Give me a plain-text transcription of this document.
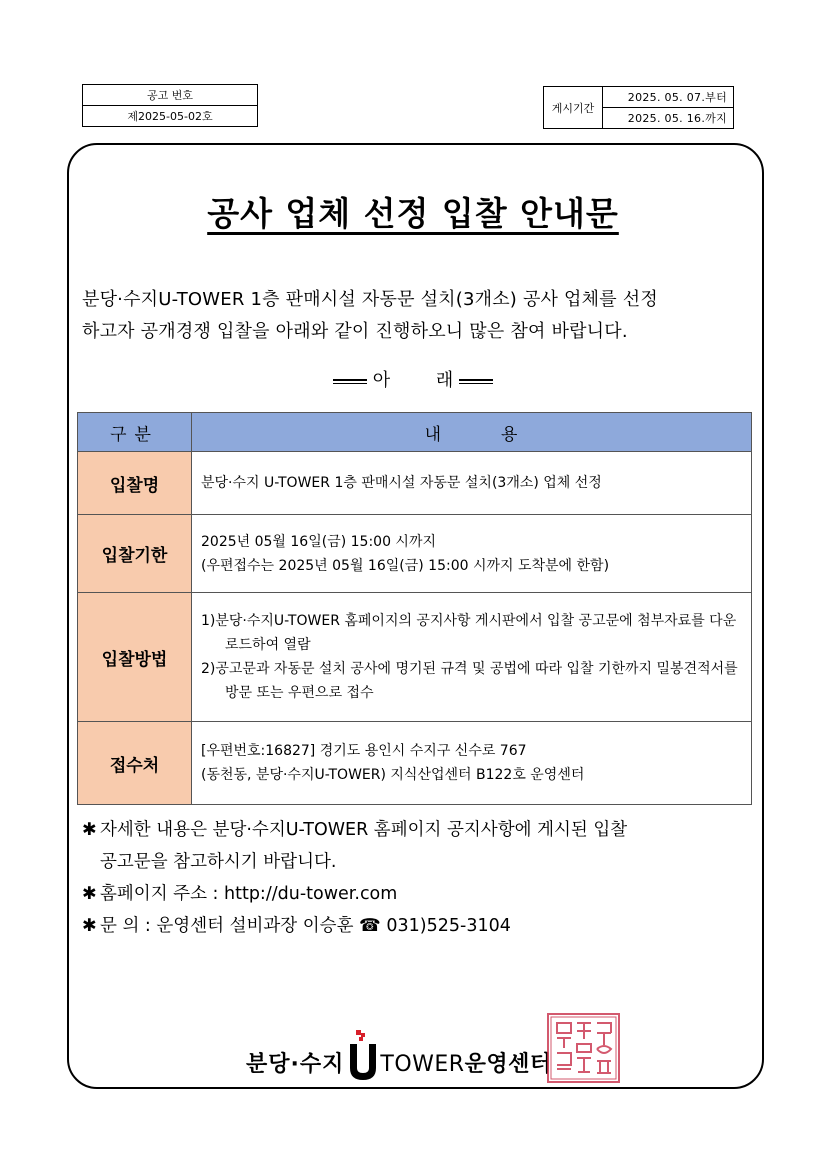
공고 번호
제2025-05-02호
게시기간	2025. 05. 07.부터
2025. 05. 16.까지
공사 업체 선정 입찰 안내문

분당·수지U-TOWER 1층 판매시설 자동문 설치(3개소) 공사 업체를 선정

하고자 공개경쟁 입찰을 아래와 같이 진행하오니 많은 참여 바랍니다.

아 래
구분	내용
입찰명	분당·수지 U-TOWER 1층 판매시설 자동문 설치(3개소) 업체 선정
입찰기한	2025년 05월 16일(금) 15:00 시까지
(우편접수는 2025년 05월 16일(금) 15:00 시까지 도착분에 한함)

입찰방법	1)분당·수지U-TOWER 홈페이지의 공지사항 게시판에서 입찰 공고문에 첨부자료를 다운로드하여 열람
2)공고문과 자동문 설치 공사에 명기된 규격 및 공법에 따라 입찰 기한까지 밀봉견적서를 방문 또는 우편으로 접수

접수처	[우편번호:16827] 경기도 용인시 수지구 신수로 767
(동천동, 분당·수지U-TOWER) 지식산업센터 B122호 운영센터

✱ 자세한 내용은 분당·수지U-TOWER 홈페이지 공지사항에 게시된 입찰

공고문을 참고하시기 바랍니다.

✱ 홈페이지 주소 : http://du-tower.com

✱ 문 의 : 운영센터 설비과장 이승훈 ☎ 031)525-3104

분당·수지 TOWER운영센터
